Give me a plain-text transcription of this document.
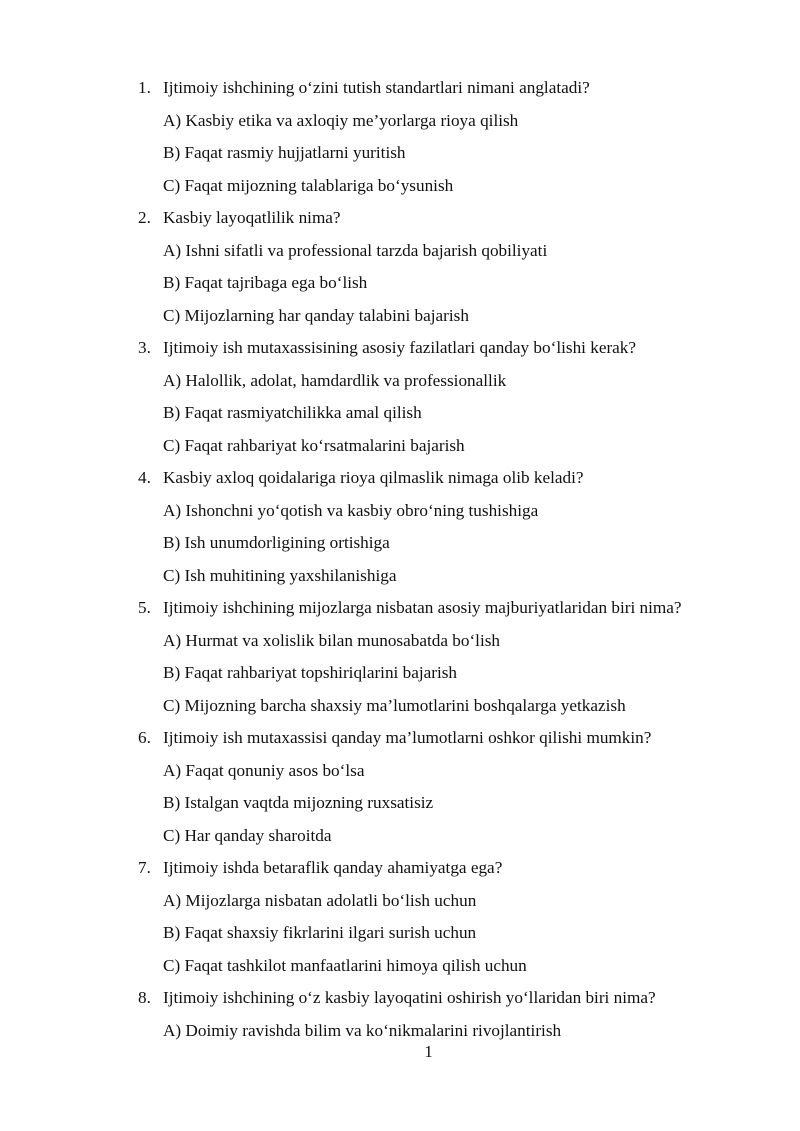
1. Ijtimoiy ishchining o‘zini tutish standartlari nimani anglatadi?
A) Kasbiy etika va axloqiy me’yorlarga rioya qilish
B) Faqat rasmiy hujjatlarni yuritish
C) Faqat mijozning talablariga bo‘ysunish
2. Kasbiy layoqatlilik nima?
A) Ishni sifatli va professional tarzda bajarish qobiliyati
B) Faqat tajribaga ega bo‘lish
C) Mijozlarning har qanday talabini bajarish
3. Ijtimoiy ish mutaxassisining asosiy fazilatlari qanday bo‘lishi kerak?
A) Halollik, adolat, hamdardlik va professionallik
B) Faqat rasmiyatchilikka amal qilish
C) Faqat rahbariyat ko‘rsatmalarini bajarish
4. Kasbiy axloq qoidalariga rioya qilmaslik nimaga olib keladi?
A) Ishonchni yo‘qotish va kasbiy obro‘ning tushishiga
B) Ish unumdorligining ortishiga
C) Ish muhitining yaxshilanishiga
5. Ijtimoiy ishchining mijozlarga nisbatan asosiy majburiyatlaridan biri nima?
A) Hurmat va xolislik bilan munosabatda bo‘lish
B) Faqat rahbariyat topshiriqlarini bajarish
C) Mijozning barcha shaxsiy ma’lumotlarini boshqalarga yetkazish
6. Ijtimoiy ish mutaxassisi qanday ma’lumotlarni oshkor qilishi mumkin?
A) Faqat qonuniy asos bo‘lsa
B) Istalgan vaqtda mijozning ruxsatisiz
C) Har qanday sharoitda
7. Ijtimoiy ishda betaraflik qanday ahamiyatga ega?
A) Mijozlarga nisbatan adolatli bo‘lish uchun
B) Faqat shaxsiy fikrlarini ilgari surish uchun
C) Faqat tashkilot manfaatlarini himoya qilish uchun
8. Ijtimoiy ishchining o‘z kasbiy layoqatini oshirish yo‘llaridan biri nima?
A) Doimiy ravishda bilim va ko‘nikmalarini rivojlantirish
1
